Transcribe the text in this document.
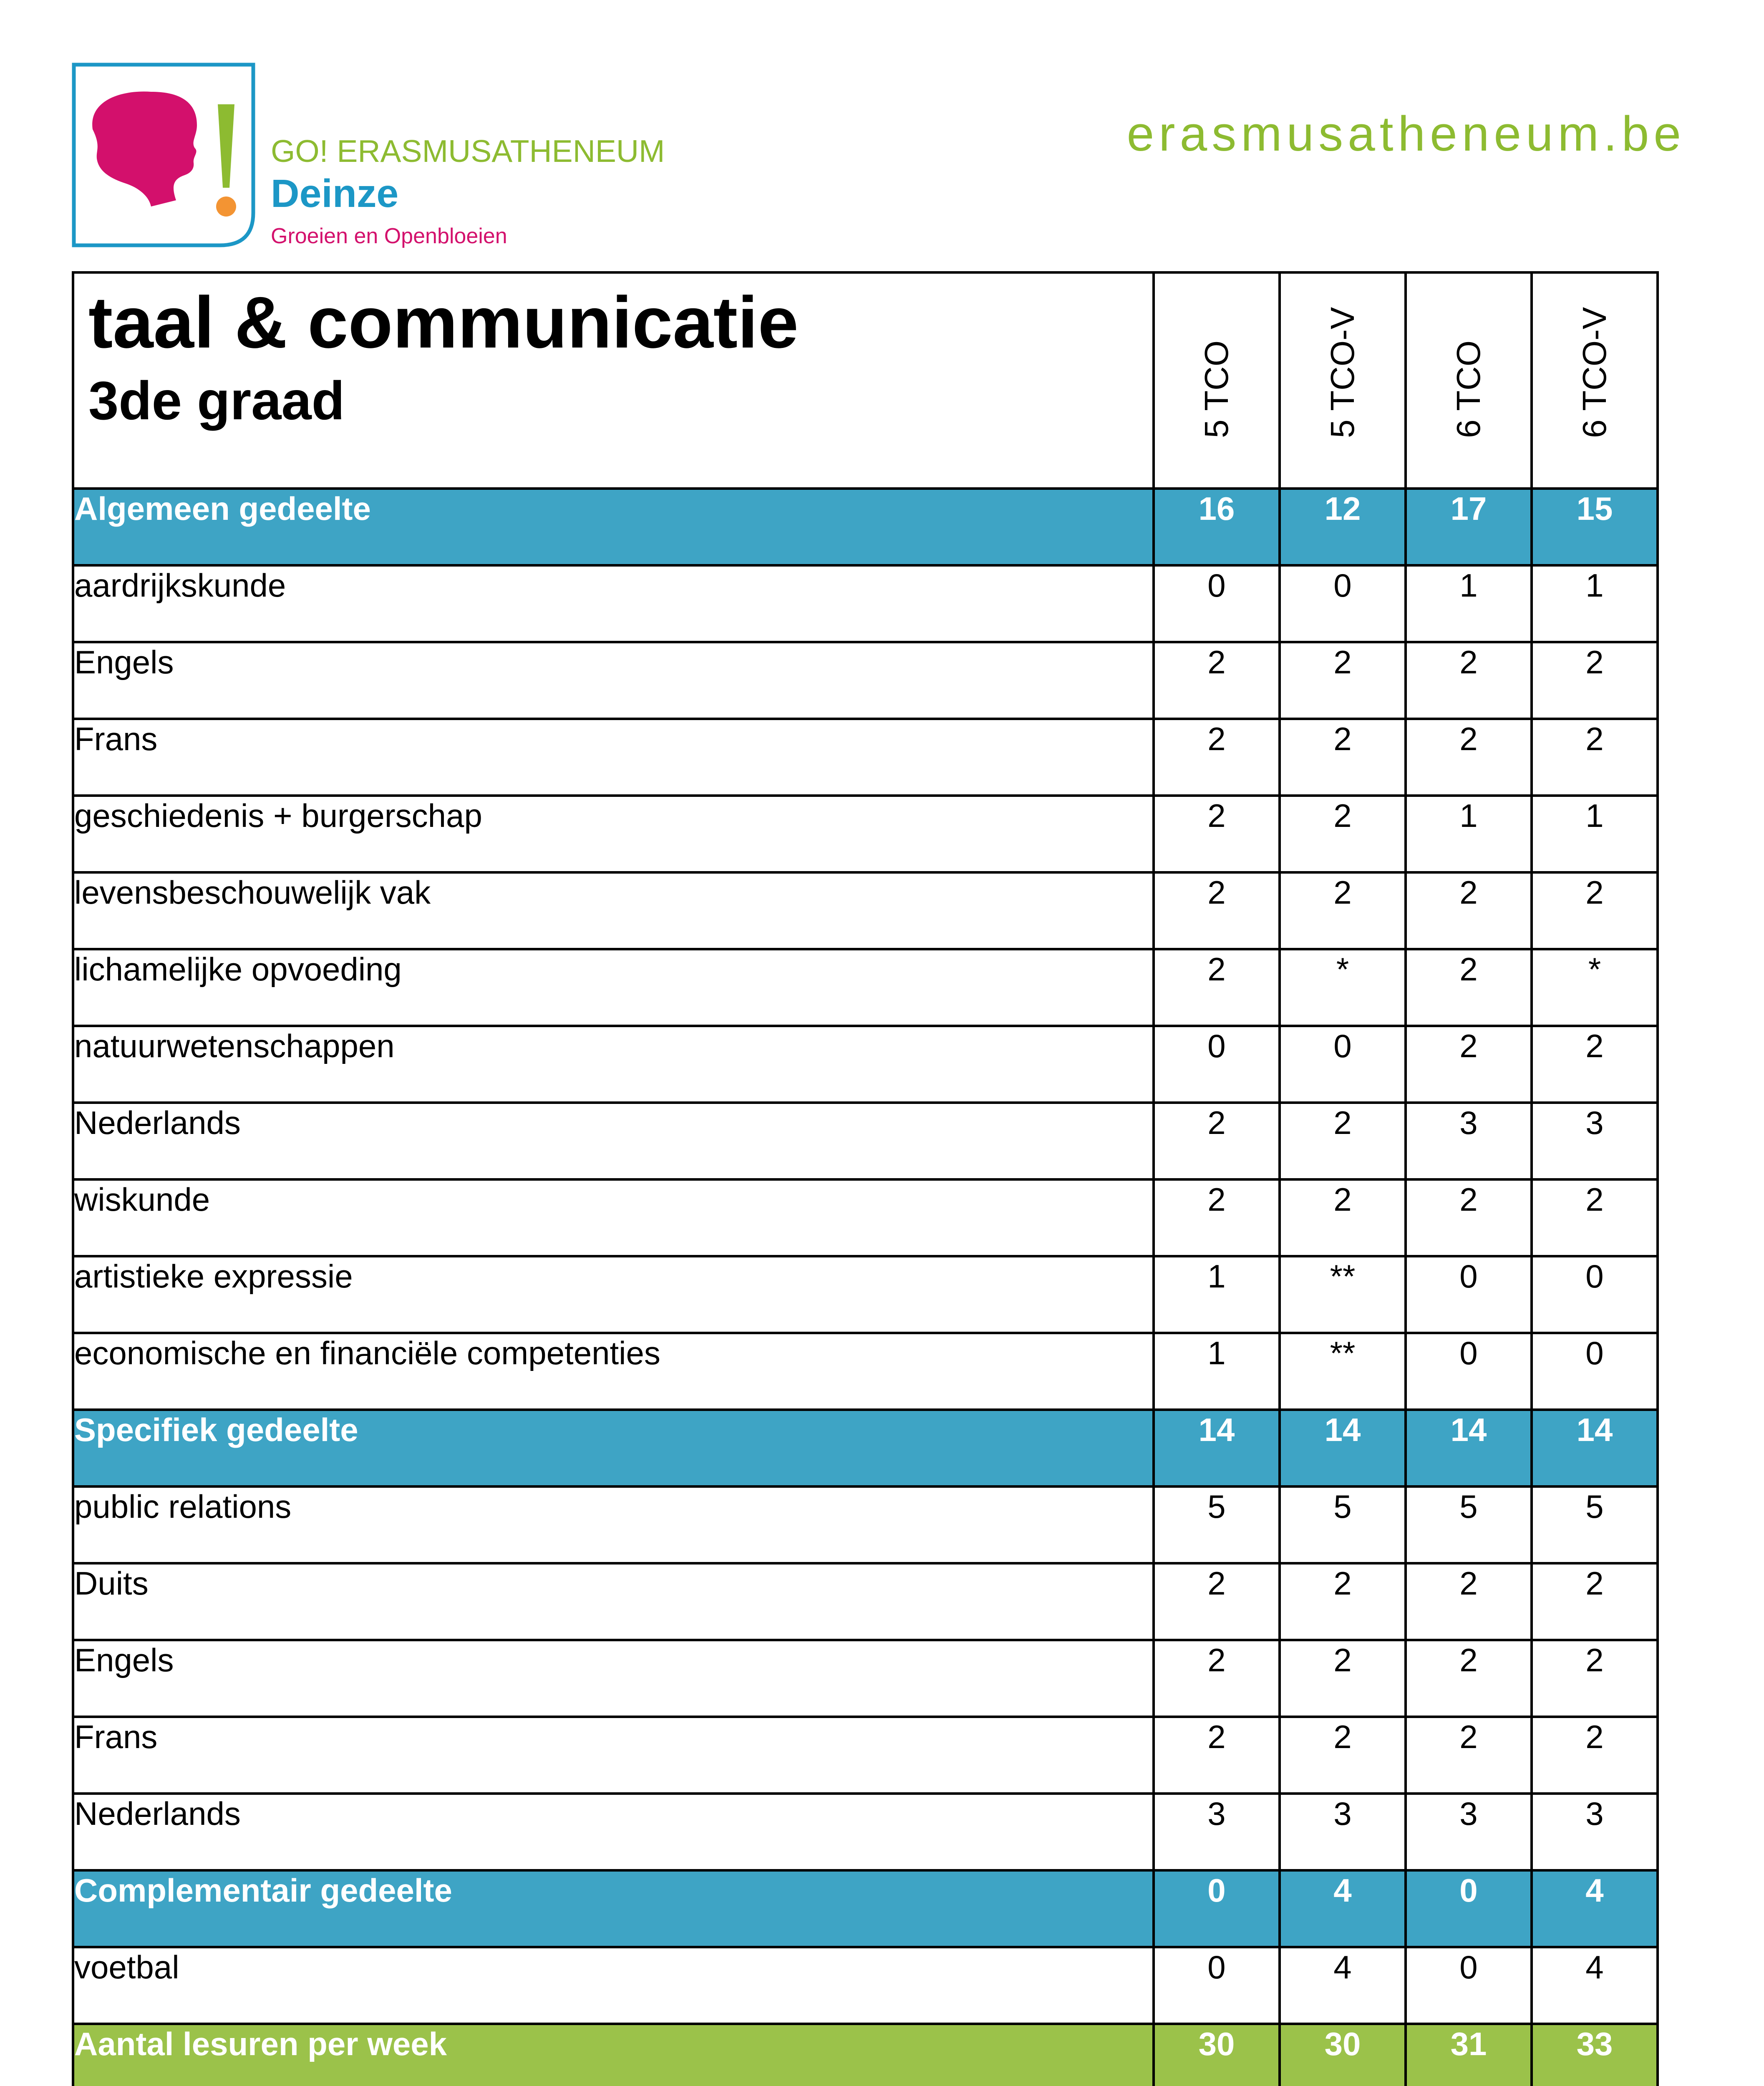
GO! ERASMUSATHENEUM
Deinze
Groeien en Openbloeien
erasmusatheneum.be
taal & communicatie
3de graad	5 TCO	5 TCO-V	6 TCO	6 TCO-V

Algemeen gedeelte	16	12	17	15
aardrijkskunde	0	0	1	1
Engels	2	2	2	2
Frans	2	2	2	2
geschiedenis + burgerschap	2	2	1	1
levensbeschouwelijk vak	2	2	2	2
lichamelijke opvoeding	2	*	2	*
natuurwetenschappen	0	0	2	2
Nederlands	2	2	3	3
wiskunde	2	2	2	2
artistieke expressie	1	**	0	0
economische en financiële competenties	1	**	0	0
Specifiek gedeelte	14	14	14	14
public relations	5	5	5	5
Duits	2	2	2	2
Engels	2	2	2	2
Frans	2	2	2	2
Nederlands	3	3	3	3
Complementair gedeelte	0	4	0	4
voetbal	0	4	0	4
Aantal lesuren per week	30	30	31	33
